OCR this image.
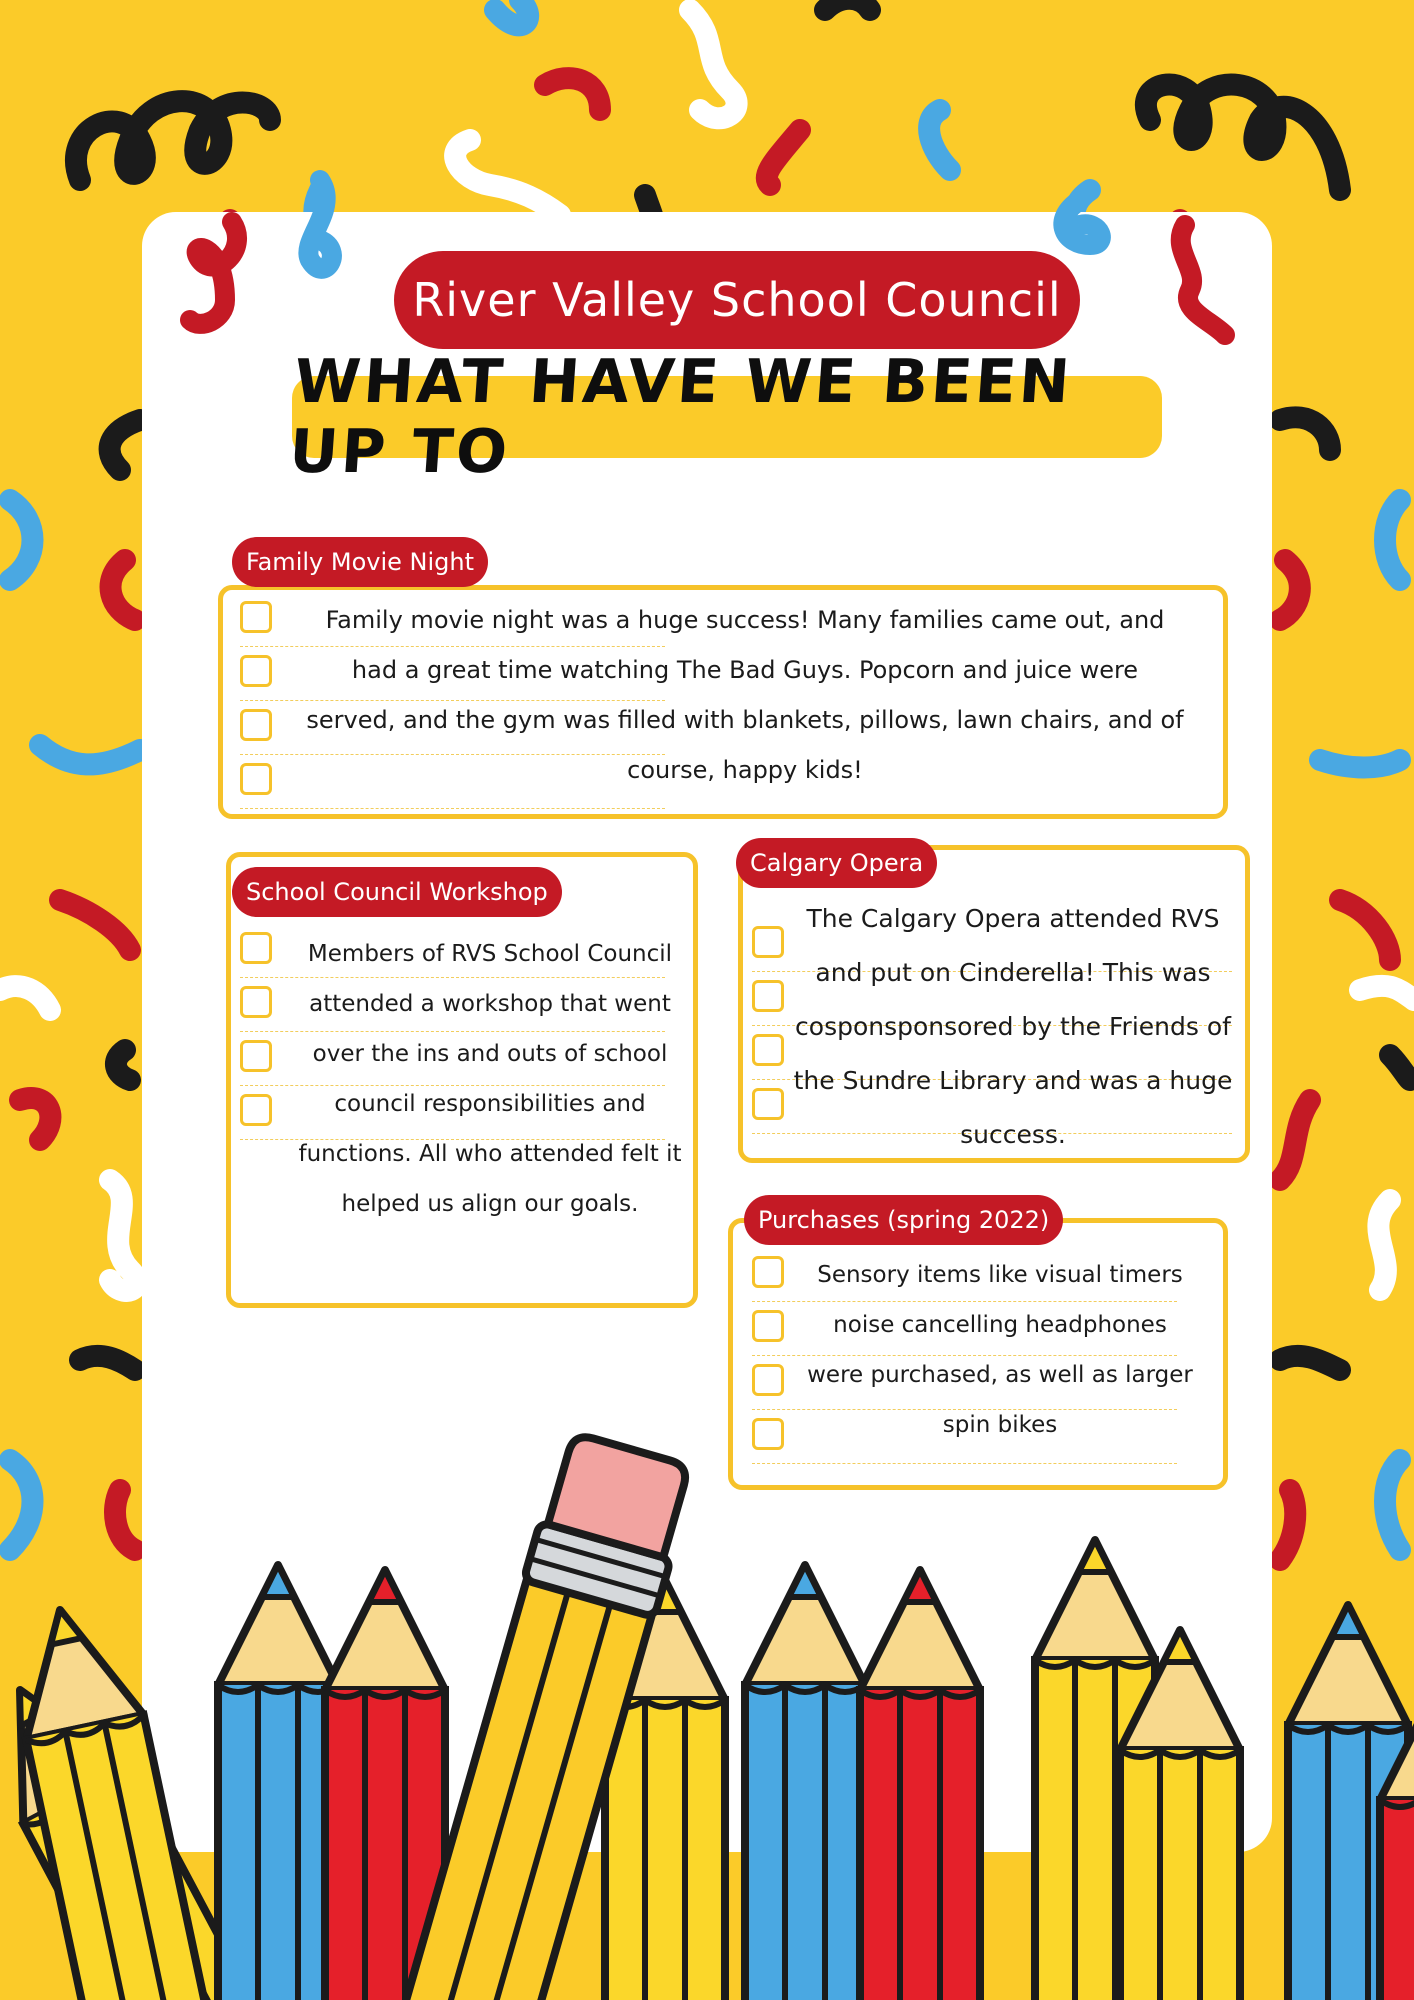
River Valley School Council
WHAT HAVE WE BEEN UP TO
Family Movie Night
Family movie night was a huge success! Many families came out, and had a great time watching The Bad Guys. Popcorn and juice were served, and the gym was filled with blankets, pillows, lawn chairs, and of course, happy kids!
School Council Workshop
Members of RVS School Council attended a workshop that went over the ins and outs of school council responsibilities and functions. All who attended felt it helped us align our goals.
Calgary Opera
The Calgary Opera attended RVS and put on Cinderella! This was cosponsponsored by the Friends of the Sundre Library and was a huge success.
Purchases (spring 2022)
Sensory items like visual timers noise cancelling headphones were purchased, as well as larger spin bikes
